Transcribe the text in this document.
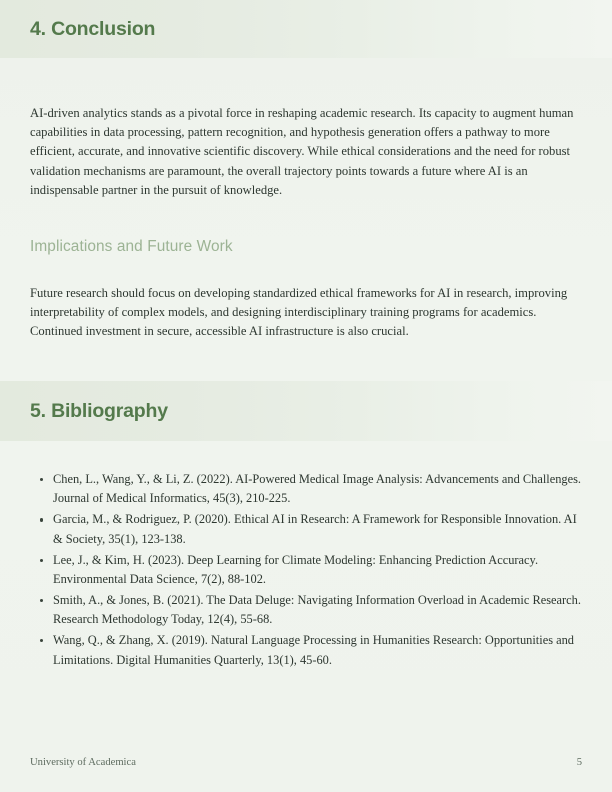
4. Conclusion

AI-driven analytics stands as a pivotal force in reshaping academic research. Its capacity to augment human capabilities in data processing, pattern recognition, and hypothesis generation offers a pathway to more efficient, accurate, and innovative scientific discovery. While ethical considerations and the need for robust validation mechanisms are paramount, the overall trajectory points towards a future where AI is an indispensable partner in the pursuit of knowledge.

Implications and Future Work

Future research should focus on developing standardized ethical frameworks for AI in research, improving interpretability of complex models, and designing interdisciplinary training programs for academics. Continued investment in secure, accessible AI infrastructure is also crucial.

5. Bibliography
Chen, L., Wang, Y., & Li, Z. (2022). AI-Powered Medical Image Analysis: Advancements and Challenges. Journal of Medical Informatics, 45(3), 210-225.
Garcia, M., & Rodriguez, P. (2020). Ethical AI in Research: A Framework for Responsible Innovation. AI & Society, 35(1), 123-138.
Lee, J., & Kim, H. (2023). Deep Learning for Climate Modeling: Enhancing Prediction Accuracy. Environmental Data Science, 7(2), 88-102.
Smith, A., & Jones, B. (2021). The Data Deluge: Navigating Information Overload in Academic Research. Research Methodology Today, 12(4), 55-68.
Wang, Q., & Zhang, X. (2019). Natural Language Processing in Humanities Research: Opportunities and Limitations. Digital Humanities Quarterly, 13(1), 45-60.
University of Academica	5
